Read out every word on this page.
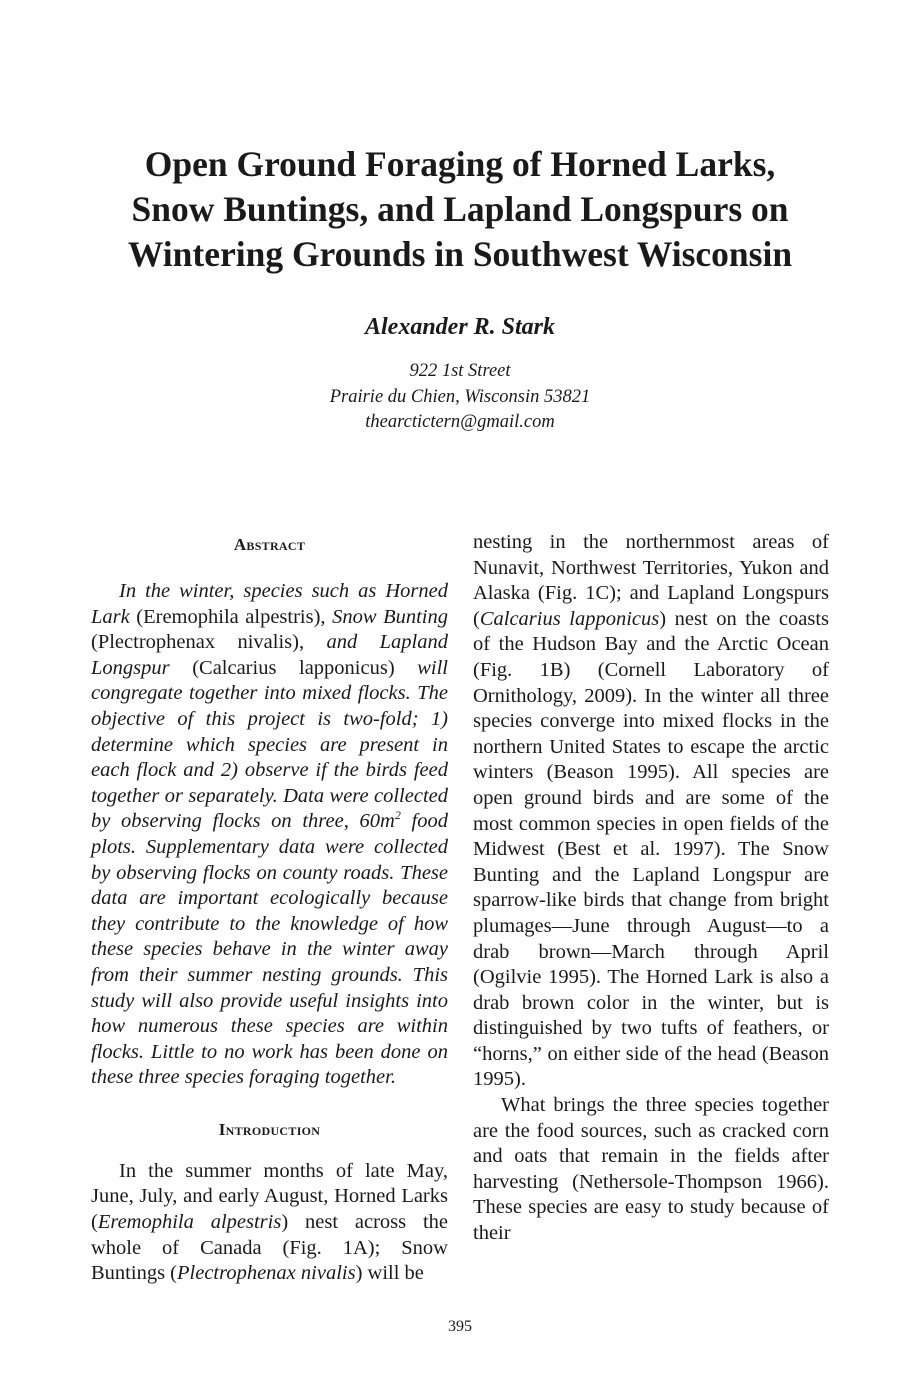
Open Ground Foraging of Horned Larks,
Snow Buntings, and Lapland Longspurs on
Wintering Grounds in Southwest Wisconsin
Alexander R. Stark
922 1st Street
Prairie du Chien, Wisconsin 53821
thearctictern@gmail.com
Abstract

In the winter, species such as Horned Lark (Eremophila alpestris), Snow Bunting (Plectrophenax nivalis), and Lapland Longspur (Calcarius lapponicus) will congregate together into mixed flocks. The objective of this project is two-fold; 1) determine which species are present in each flock and 2) observe if the birds feed together or separately. Data were collected by observing flocks on three, $60m^2$ food plots. Supplementary data were collected by observing flocks on county roads. These data are important ecologically because they contribute to the knowledge of how these species behave in the winter away from their summer nesting grounds. This study will also provide useful insights into how numerous these species are within flocks. Little to no work has been done on these three species foraging together.

Introduction

In the summer months of late May, June, July, and early August, Horned Larks (Eremophila alpestris) nest across the whole of Canada (Fig. 1A); Snow Buntings (Plectrophenax nivalis) will be

nesting in the northernmost areas of Nunavit, Northwest Territories, Yukon and Alaska (Fig. 1C); and Lapland Longspurs (Calcarius lapponicus) nest on the coasts of the Hudson Bay and the Arctic Ocean (Fig. 1B) (Cornell Laboratory of Ornithology, 2009). In the winter all three species converge into mixed flocks in the northern United States to escape the arctic winters (Beason 1995). All species are open ground birds and are some of the most common species in open fields of the Midwest (Best et al. 1997). The Snow Bunting and the Lapland Longspur are sparrow-like birds that change from bright plumages—June through August—to a drab brown—March through April (Ogilvie 1995). The Horned Lark is also a drab brown color in the winter, but is distinguished by two tufts of feathers, or “horns,” on either side of the head (Beason 1995).

What brings the three species together are the food sources, such as cracked corn and oats that remain in the fields after harvesting (Nethersole-Thompson 1966). These species are easy to study because of their

395
